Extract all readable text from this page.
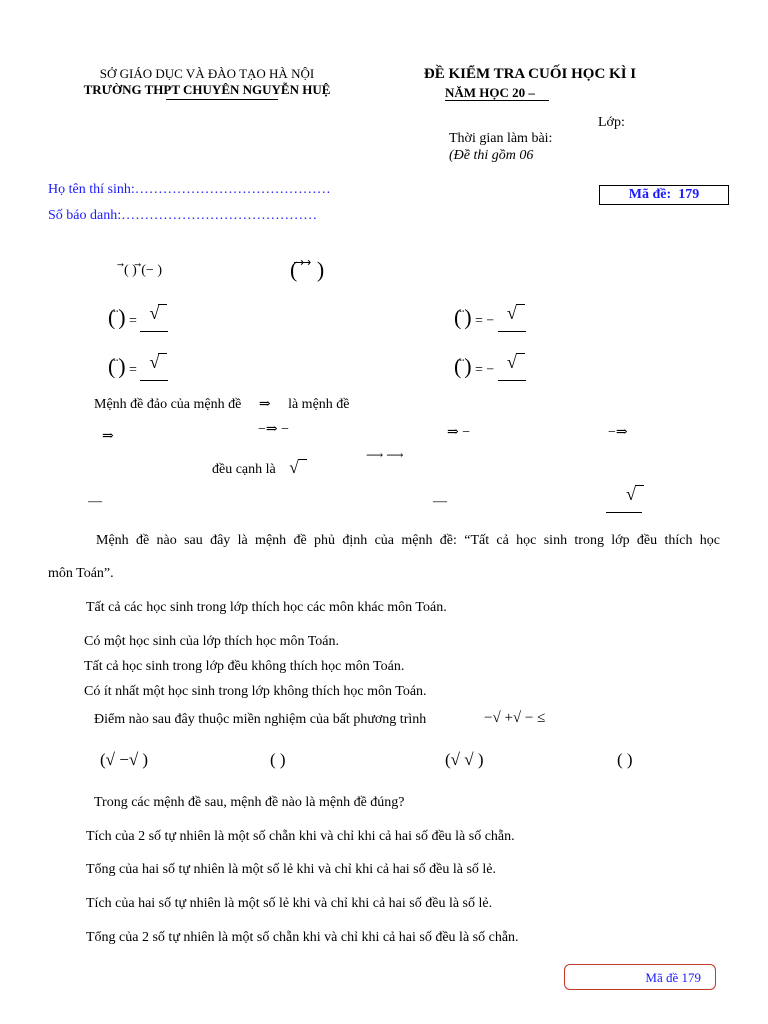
SỞ GIÁO DỤC VÀ ĐÀO TẠO HÀ NỘI
TRƯỜNG THPT CHUYÊN NGUYỄN HUỆ
ĐỀ KIỂM TRA CUỐI HỌC KÌ I
NĂM HỌC 20 –
Lớp:
Thời gian làm bài:
(Đề thi gồm 06
Họ tên thí sinh:……………………………………
Số báo danh:……………………………………
Mã đề: 179
⃗( ) ⃗(− )	( ⃗ ⃗ )
(⃗ ⃗) = √	(⃗ ⃗) = − √

(⃗ ⃗) = √	(⃗ ⃗) = − √

Mệnh đề đảo của mệnh đề ⇒ là mệnh đề
⇒	−⇒ −	⇒ −	−⇒
đều cạnh là √
⟶ ⟶
—	—	√

Mệnh đề nào sau đây là mệnh đề phủ định của mệnh đề: “Tất cả học sinh trong lớp đều thích học
môn Toán”.
Tất cả các học sinh trong lớp thích học các môn khác môn Toán.
Có một học sinh của lớp thích học môn Toán.
Tất cả học sinh trong lớp đều không thích học môn Toán.
Có ít nhất một học sinh trong lớp không thích học môn Toán.
Điểm nào sau đây thuộc miền nghiệm của bất phương trình	−√ +√ − ≤
(√ −√ )	( )	(√ √ )	( )
Trong các mệnh đề sau, mệnh đề nào là mệnh đề đúng?
Tích của 2 số tự nhiên là một số chẵn khi và chỉ khi cả hai số đều là số chẵn.
Tổng của hai số tự nhiên là một số lẻ khi và chỉ khi cả hai số đều là số lẻ.
Tích của hai số tự nhiên là một số lẻ khi và chỉ khi cả hai số đều là số lẻ.
Tổng của 2 số tự nhiên là một số chẵn khi và chỉ khi cả hai số đều là số chẵn.
Mã đề 179
